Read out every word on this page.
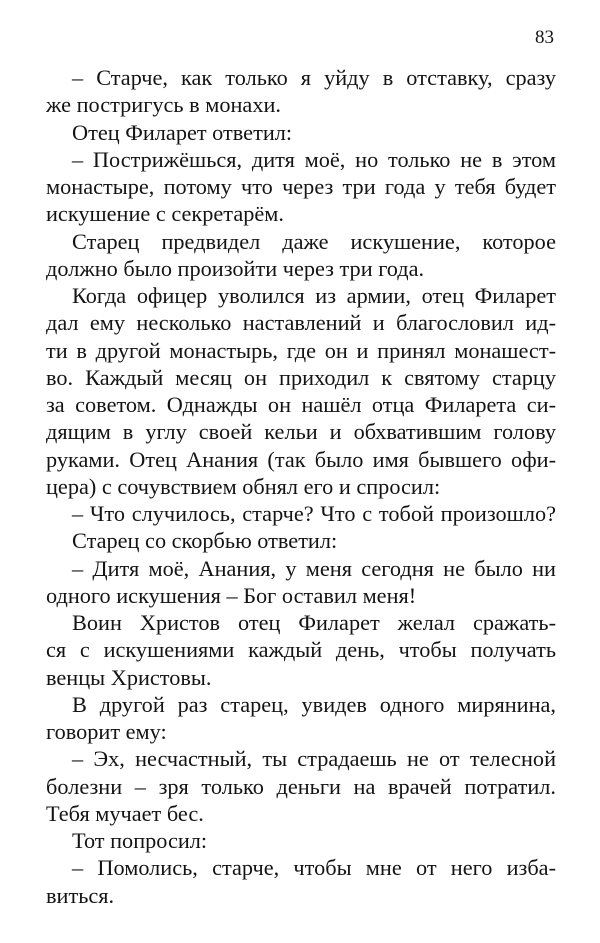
83
– Старче, как только я уйду в отставку, сразу
же постригусь в монахи.
Отец Филарет ответил:
– Пострижёшься, дитя моё, но только не в этом
монастыре, потому что через три года у тебя будет
искушение с секретарём.
Старец предвидел даже искушение, которое
должно было произойти через три года.
Когда офицер уволился из армии, отец Филарет
дал ему несколько наставлений и благословил ид-
ти в другой монастырь, где он и принял монашест-
во. Каждый месяц он приходил к святому старцу
за советом. Однажды он нашёл отца Филарета си-
дящим в углу своей кельи и обхватившим голову
руками. Отец Анания (так было имя бывшего офи-
цера) с сочувствием обнял его и спросил:
– Что случилось, старче? Что с тобой произошло?
Старец со скорбью ответил:
– Дитя моё, Анания, у меня сегодня не было ни
одного искушения – Бог оставил меня!
Воин Христов отец Филарет желал сражать-
ся с искушениями каждый день, чтобы получать
венцы Христовы.
В другой раз старец, увидев одного мирянина,
говорит ему:
– Эх, несчастный, ты страдаешь не от телесной
болезни – зря только деньги на врачей потратил.
Тебя мучает бес.
Тот попросил:
– Помолись, старче, чтобы мне от него изба-
виться.
